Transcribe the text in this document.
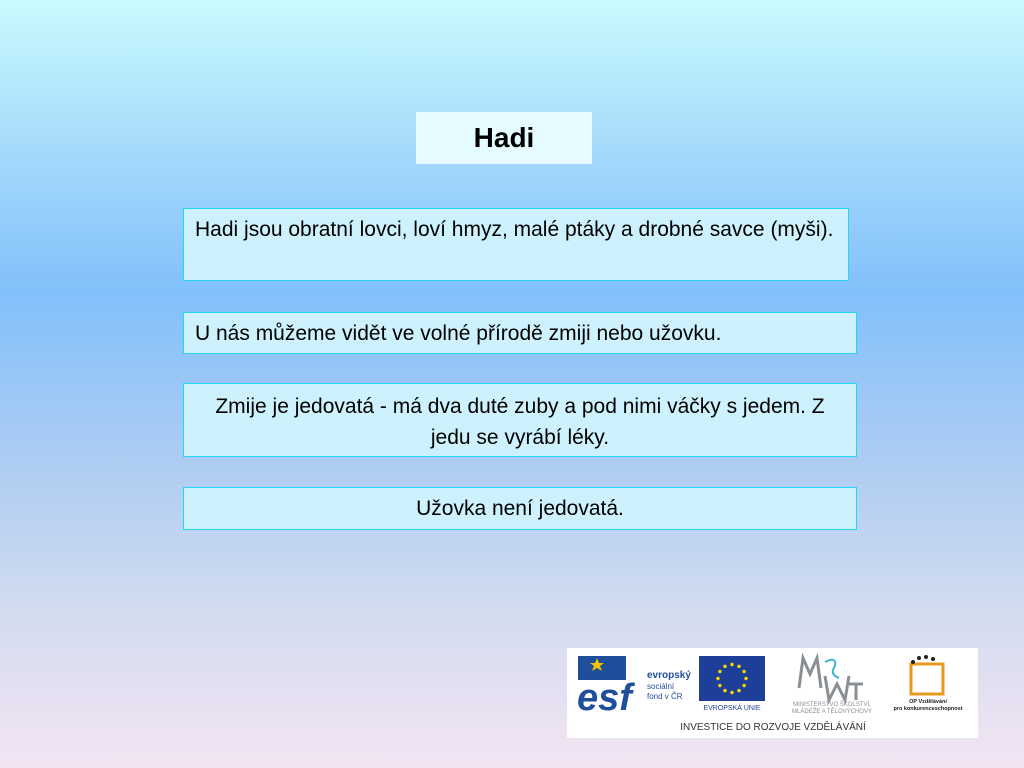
Hadi
Hadi jsou obratní lovci, loví hmyz, malé ptáky a drobné savce (myši).
U nás můžeme vidět ve volné přírodě zmiji nebo užovku.
Zmije je jedovatá - má dva duté zuby a pod nimi váčky s jedem. Z jedu se vyrábí léky.
Užovka není jedovatá.
esf
evropský
sociální
fond v ČR
EVROPSKÁ UNIE	MINISTERSTVO ŠKOLSTVÍ,
MLÁDEŽE A TĚLOVÝCHOVY
OP Vzdělávání
pro konkurenceschopnost
INVESTICE DO ROZVOJE VZDĚLÁVÁNÍ
